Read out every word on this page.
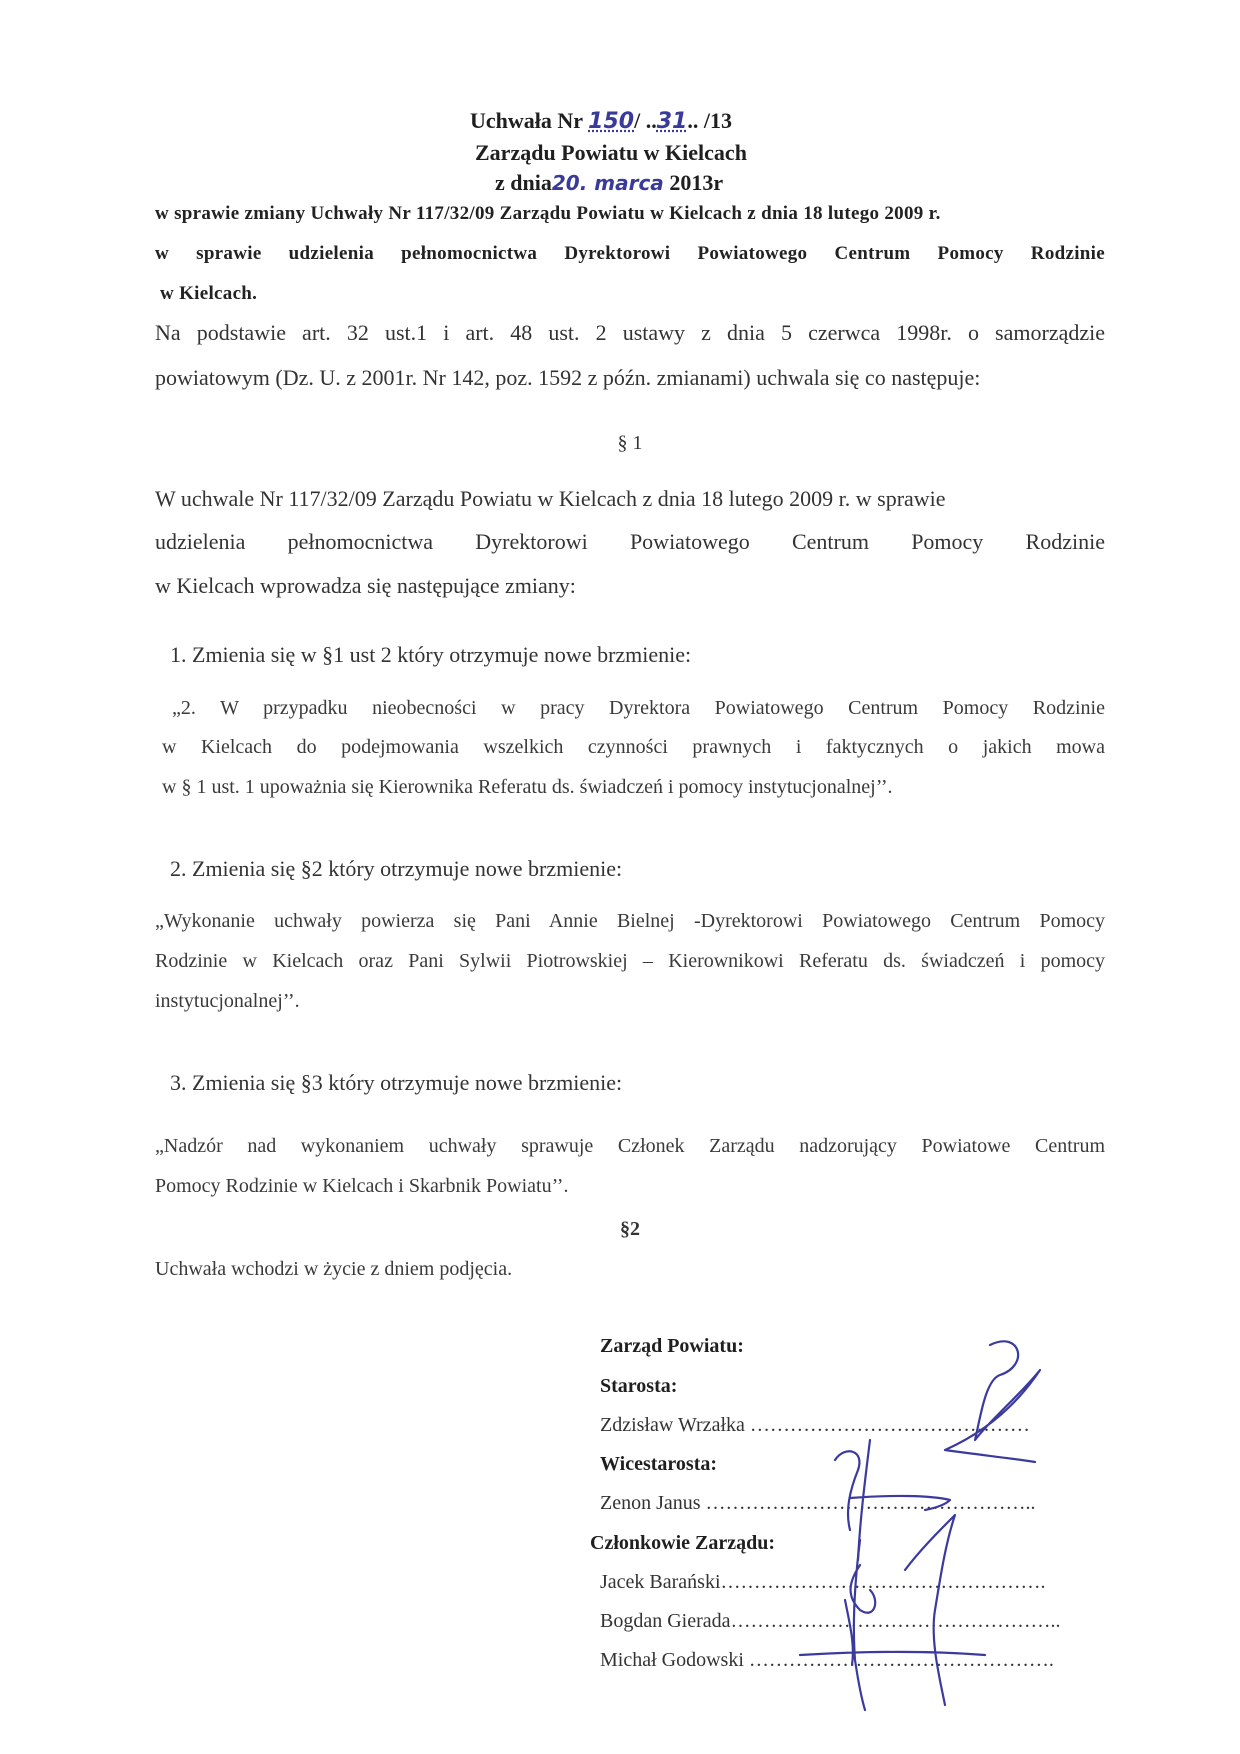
Uchwała Nr 150/ ..31.. /13
Zarządu Powiatu w Kielcach
z dnia20. marca 2013r
w sprawie zmiany Uchwały Nr 117/32/09 Zarządu Powiatu w Kielcach z dnia 18 lutego 2009 r.
w sprawie udzielenia pełnomocnictwa Dyrektorowi Powiatowego Centrum Pomocy Rodzinie
w Kielcach.
Na podstawie art. 32 ust.1 i art. 48 ust. 2 ustawy z dnia 5 czerwca 1998r. o samorządzie
powiatowym (Dz. U. z 2001r. Nr 142, poz. 1592 z późn. zmianami) uchwala się co następuje:
§ 1
W uchwale Nr 117/32/09 Zarządu Powiatu w Kielcach z dnia 18 lutego 2009 r. w sprawie
udzielenia pełnomocnictwa Dyrektorowi Powiatowego Centrum Pomocy Rodzinie
w Kielcach wprowadza się następujące zmiany:
1. Zmienia się w §1 ust 2 który otrzymuje nowe brzmienie:
„2. W przypadku nieobecności w pracy Dyrektora Powiatowego Centrum Pomocy Rodzinie
w Kielcach do podejmowania wszelkich czynności prawnych i faktycznych o jakich mowa
w § 1 ust. 1 upoważnia się Kierownika Referatu ds. świadczeń i pomocy instytucjonalnej’’.
2. Zmienia się §2 który otrzymuje nowe brzmienie:
„Wykonanie uchwały powierza się Pani Annie Bielnej -Dyrektorowi Powiatowego Centrum Pomocy
Rodzinie w Kielcach oraz Pani Sylwii Piotrowskiej – Kierownikowi Referatu ds. świadczeń i pomocy
instytucjonalnej’’.
3. Zmienia się §3 który otrzymuje nowe brzmienie:
„Nadzór nad wykonaniem uchwały sprawuje Członek Zarządu nadzorujący Powiatowe Centrum
Pomocy Rodzinie w Kielcach i Skarbnik Powiatu’’.
§2
Uchwała wchodzi w życie z dniem podjęcia.
Zarząd Powiatu:
Starosta:
Zdzisław Wrzałka ……………………………………
Wicestarosta:
Zenon Janus …………………………………………..
Członkowie Zarządu:
Jacek Barański………………………………………….
Bogdan Gierada…………………………………………..
Michał Godowski ……………………………………….
